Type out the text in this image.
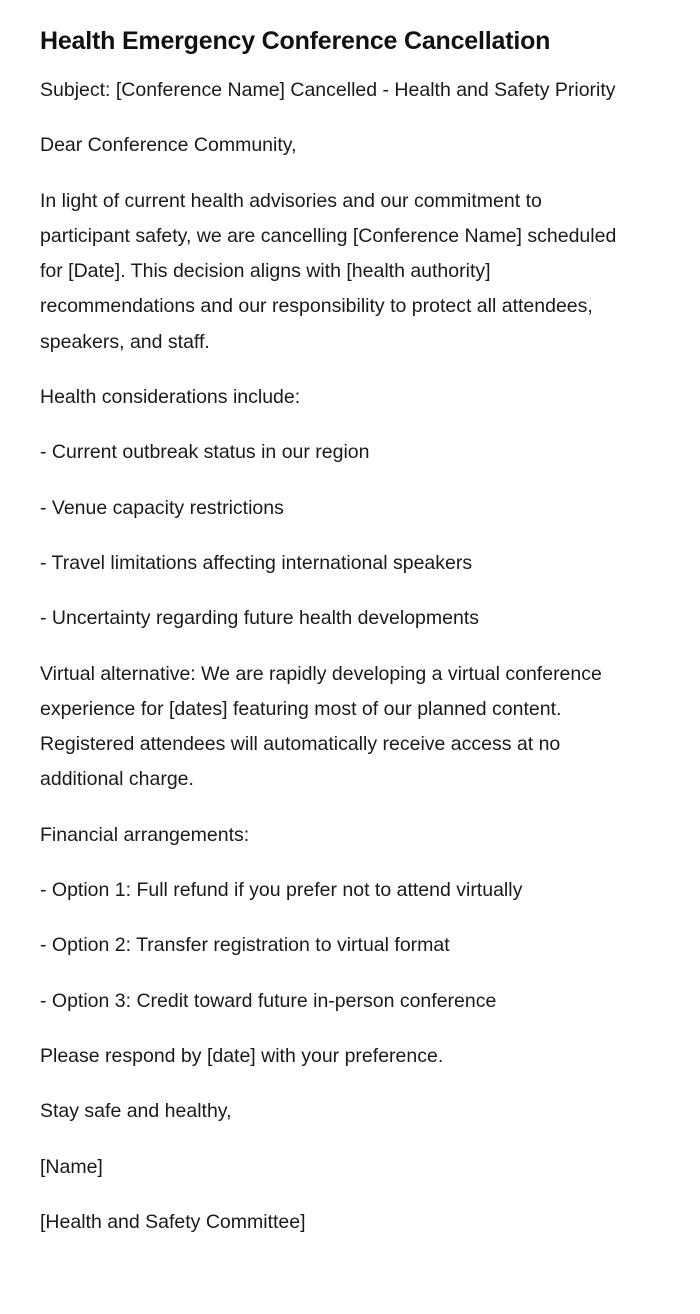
Health Emergency Conference Cancellation

Subject: [Conference Name] Cancelled - Health and Safety Priority

Dear Conference Community,

In light of current health advisories and our commitment to participant safety, we are cancelling [Conference Name] scheduled for [Date]. This decision aligns with [health authority] recommendations and our responsibility to protect all attendees, speakers, and staff.

Health considerations include:

- Current outbreak status in our region

- Venue capacity restrictions

- Travel limitations affecting international speakers

- Uncertainty regarding future health developments

Virtual alternative: We are rapidly developing a virtual conference experience for [dates] featuring most of our planned content. Registered attendees will automatically receive access at no additional charge.

Financial arrangements:

- Option 1: Full refund if you prefer not to attend virtually

- Option 2: Transfer registration to virtual format

- Option 3: Credit toward future in-person conference

Please respond by [date] with your preference.

Stay safe and healthy,

[Name]

[Health and Safety Committee]
